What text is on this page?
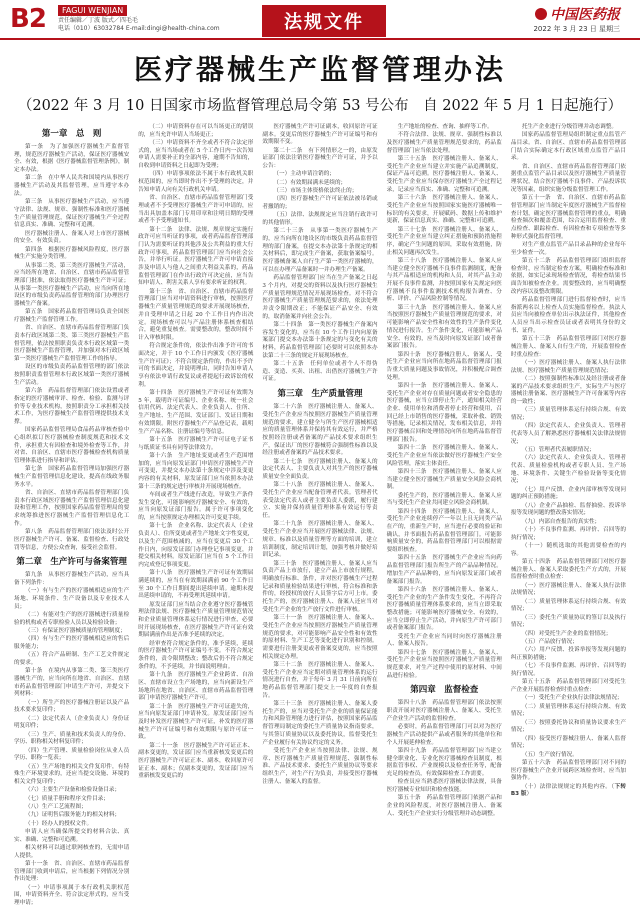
B2	FAGUI WENJIAN
责任编辑／丁波 版式／四毛毛
电话（010）63032784 E-mail:dingi@health-china.com	法规文件	中国医药报
2022 年 3 月 23 日 星期三
医疗器械生产监督管理办法
（2022 年 3 月 10 日国家市场监督管理总局令第 53 号公布　自 2022 年 5 月 1 日起施行）
第一章　总　则

第一条　为了加强医疗器械生产监督管理，规范医疗器械生产活动，保证医疗器械安全、有效，根据《医疗器械监督管理条例》，制定本办法。

第二条　在中华人民共和国境内从事医疗器械生产活动及其监督管理，应当遵守本办法。

第三条　从事医疗器械生产活动，应当遵守法律、法规、规章、强制性标准和医疗器械生产质量管理规范，保证医疗器械生产全过程信息真实、准确、完整和可追溯。

医疗器械注册人、备案人对上市医疗器械的安全、有效负责。

第四条　根据医疗器械风险程度，医疗器械生产实施分类管理。

从事第二类、第三类医疗器械生产活动，应当经所在地省、自治区、直辖市药品监督管理部门批准，依法取得医疗器械生产许可证；从事第一类医疗器械生产活动，应当向所在地设区的市级负责药品监督管理的部门办理医疗器械生产备案。

第五条　国家药品监督管理局负责全国医疗器械生产监督管理工作。

省、自治区、直辖市药品监督管理部门负责本行政区域第二类、第三类医疗器械生产监督管理，依法按照职责负责本行政区域第一类医疗器械生产监督管理，并加强对本行政区域第一类医疗器械生产监督管理工作的指导。

设区的市级负责药品监督管理的部门依法按照职责监督管理本行政区域第一类医疗器械生产活动。

第六条　药品监督管理部门依法设置或者指定的医疗器械审评、检查、检验、监测与评价等专业技术机构，按照职责分工承担相关技术工作，为医疗器械生产监督管理提供技术支撑。

国家药品监督管理局食品药品审核查验中心组织拟订医疗器械检查制度规范和技术文件，承担重大有因检查和境外检查等工作，并对省、自治区、直辖市医疗器械检查机构质量管理体系进行指导和评估。

第七条　国家药品监督管理局加强医疗器械生产监督管理信息化建设，提高在线政务服务水平。

省、自治区、直辖市药品监督管理部门负责本行政区域医疗器械生产监督管理信息化建设和管理工作，按照国家药品监督管理局的要求统筹推进医疗器械生产监督管理信息化工作。

第八条　药品监督管理部门依法及时公开医疗器械生产许可、备案、监督检查、行政处罚等信息，方便公众查询，接受社会监督。

第二章　生产许可与备案管理

第九条　从事医疗器械生产活动，应当具备下列条件：

（一）有与生产的医疗器械相适应的生产场地、环境条件、生产设备以及专业技术人员；

（二）有能对生产的医疗器械进行质量检验的机构或者专职检验人员以及检验设备；

（三）有保证医疗器械质量的管理制度；

（四）有与生产的医疗器械相适应的售后服务能力；

（五）符合产品研制、生产工艺文件规定的要求。

第十条　在境内从事第二类、第三类医疗器械生产的，应当向所在地省、自治区、直辖市药品监督管理部门申请生产许可，并提交下列材料：

（一）所生产的医疗器械注册证以及产品技术要求复印件；

（二）法定代表人（企业负责人）身份证明复印件；

（三）生产、质量和技术负责人的身份、学历、职称相关材料复印件；

（四）生产管理、质量检验岗位从业人员学历、职称一览表；

（五）生产场地的相关文件复印件，有特殊生产环境要求的，还应当提交设施、环境的相关文件复印件；

（六）主要生产设备和检验设备目录；

（七）质量手册和程序文件目录；

（八）生产工艺流程图；

（九）证明售后服务能力的相关材料；

（十）经办人的授权文件。

申请人应当确保所提交的材料合法、真实、准确、完整和可追溯。

相关材料可以通过联网核查的，无需申请人提供。

第十一条　省、自治区、直辖市药品监督管理部门收到申请后，应当根据下列情况分别作出处理：

（一）申请事项属于本行政机关职权范围，申请资料齐全、符合法定形式的，应当受理申请；

（二）申请资料存在可以当场更正的错误的，应当允许申请人当场更正；

（三）申请资料不齐全或者不符合法定形式的，应当当场或者在 5 个工作日内一次告知申请人需要补正的全部内容，逾期不告知的，自收到申请资料之日起即为受理；

（四）申请事项依法不属于本行政机关职权范围的，应当即时作出不予受理的决定，并告知申请人向有关行政机关申请。

省、自治区、直辖市药品监督管理部门受理或者不予受理医疗器械生产许可申请的，应当出具加盖本部门专用印章和注明日期的受理或者不予受理通知书。

第十二条　法律、法规、规章规定实施行政许可应当听证的事项，或者药品监督管理部门认为需要听证的其他涉及公共利益的重大行政许可事项，药品监督管理部门应当向社会公告，并举行听证。医疗器械生产许可申请直接涉及申请人与他人之间重大利益关系的，药品监督管理部门在作出行政许可决定前，应当告知申请人、利害关系人享有要求听证的权利。

第十三条　省、自治区、直辖市药品监督管理部门应当对申请资料进行审核，按照医疗器械生产质量管理规范的要求开展现场核查，并自受理申请之日起 20 个工作日内作出决定。现场核查可以与产品注册体系核查相结合，避免重复核查。需要整改的，整改时间不计入审核时限。

符合规定条件的，依法作出准予许可的书面决定，并于 10 个工作日内颁发《医疗器械生产许可证》；不符合规定条件的，作出不予许可的书面决定，并说明理由，同时告知申请人享有依法申请行政复议或者提起行政诉讼的权利。

第十四条　医疗器械生产许可证有效期为 5 年，载明许可证编号、企业名称、统一社会信用代码、法定代表人、企业负责人、住所、生产地址、生产范围、发证部门、发证日期和有效期限。附医疗器械生产产品登记表，载明生产产品名称、注册证编号等信息。

第十五条　医疗器械生产许可证电子证书与纸质证书具有同等法律效力。

第十六条　生产地址变更或者生产范围增加的，应当向原发证部门申请医疗器械生产许可变更，并提交本办法第十条规定中涉及变更内容的有关材料，原发证部门应当依照本办法第十三条的规定进行审核并开展现场核查。

车间或者生产线进行改造，导致生产条件发生变化，可能影响医疗器械安全、有效的，应当向原发证部门报告。属于许可事项变化的，应当按照规定办理相关许可变更手续。

第十七条　企业名称、法定代表人（企业负责人）、住所变更或者生产地址文字性变更，以及生产范围核减的，应当在变更后 30 个工作日内，向原发证部门办理登记事项变更，并提交相关材料。原发证部门应当在 5 个工作日内完成登记事项变更。

第十八条　医疗器械生产许可证有效期届满延续的，应当在有效期届满前 90 个工作日至 30 个工作日期间提出延续申请。逾期未提出延续申请的，不再受理其延续申请。

原发证部门应当结合企业遵守医疗器械管理法律法规、医疗器械生产质量管理规范情况和企业质量管理体系运行情况进行审查，必要时开展现场核查，在医疗器械生产许可证有效期届满前作出是否准予延续的决定。

经审查符合规定条件的，准予延续，延续的医疗器械生产许可证编号不变。不符合规定条件的，责令限期整改；整改后仍不符合规定条件的，不予延续，并书面说明理由。

第十九条　医疗器械生产企业跨省、自治区、直辖市设立生产场地的，应当向新设生产场地所在地省、自治区、直辖市药品监督管理部门申请医疗器械生产许可。

第二十条　医疗器械生产许可证遗失的，应当向原发证部门申请补发。原发证部门应当及时补发医疗器械生产许可证，补发的医疗器械生产许可证编号和有效期限与原许可证一致。

第二十一条　医疗器械生产许可证正本、副本变更的，发证部门应当重新核发变更后的医疗器械生产许可证正本、副本，收回原许可证正本、副本；仅副本变更的，发证部门应当重新核发变更后的

医疗器械生产许可证副本，收回原许可证副本。变更后的医疗器械生产许可证编号和有效期限不变。

第二十二条　有下列情形之一的，由原发证部门依法注销医疗器械生产许可证，并予以公告：

（一）主动申请注销的；

（二）有效期届满未延续的；

（三）市场主体资格依法终止的；

（四）医疗器械生产许可证依法被吊销或者撤销的；

（五）法律、法规规定应当注销行政许可的其他情形。

第二十三条　从事第一类医疗器械生产的，应当向所在地设区的市级负责药品监督管理的部门备案，在提交本办法第十条规定的相关材料后，即完成生产备案，获取备案编号。医疗器械备案人自行生产第一类医疗器械的，可以在办理产品备案时一并办理生产备案。

药品监督管理部门应当在生产备案之日起 3 个月内，对提交的资料以及执行医疗器械生产质量管理规范情况开展现场检查。对不符合医疗器械生产质量管理规范要求的，依法处理并责令限期改正；不能保证产品安全、有效的，取消备案并向社会公告。

第二十四条　第一类医疗器械生产备案内容发生变化的，应当在 10 个工作日内向原备案部门提交本办法第十条规定的与变化有关的材料，药品监督管理部门必要时可以依照本办法第二十三条的规定开展现场核查。

第二十五条　任何单位或者个人不得伪造、变造、买卖、出租、出借医疗器械生产许可证。

第三章　生产质量管理

第二十六条　医疗器械注册人、备案人、受托生产企业应当按照医疗器械生产质量管理规范的要求，建立健全与所生产医疗器械相适应的质量管理体系并保持其有效运行，并严格按照经注册或者备案的产品技术要求组织生产，保证出厂的医疗器械符合强制性标准以及经注册或者备案的产品技术要求。

第二十七条　医疗器械注册人、备案人的法定代表人、主要负责人对其生产的医疗器械质量安全全面负责。

第二十八条　医疗器械注册人、备案人、受托生产企业应当配备管理者代表。管理者代表受法定代表人或者主要负责人委派，履行建立、实施并保持质量管理体系有效运行等责任。

第二十九条　医疗器械注册人、备案人、受托生产企业应当开展医疗器械法律、法规、规章、标准以及质量管理等方面的培训，建立培训制度，制定培训计划，加强考核并做好培训记录。

第三十条　医疗器械注册人、备案人应当负责产品上市放行，建立产品上市放行规程，明确放行标准、条件，并对医疗器械生产过程记录和质量检验结果进行审核，符合标准和条件的，经授权的放行人员签字后方可上市。委托生产的，医疗器械注册人、备案人还应当对受托生产企业的生产放行文件进行审核。

第三十一条　医疗器械注册人、备案人、受托生产企业应当按照医疗器械生产质量管理规范的要求，对可能影响产品安全性和有效性的原材料、生产工艺等变化进行识别和控制。需要进行注册变更或者备案变更的，应当按照相关规定办理。

第三十二条　医疗器械注册人、备案人、受托生产企业应当定期对质量管理体系的运行情况进行自查，并于每年 3 月 31 日前向所在地药品监督管理部门提交上一年度的自查报告。

第三十三条　医疗器械注册人、备案人委托生产的，应当对受托生产企业的质量保证能力和风险管理能力进行评估，按照国家药品监督管理局制定的委托生产质量协议指南要求，与其签订质量协议以及委托协议，监督受托生产企业履行有关协议约定的义务。

受托生产企业应当按照法律、法规、规章、医疗器械生产质量管理规范、强制性标准、产品技术要求、委托生产质量协议等要求组织生产，对生产行为负责，并接受医疗器械注册人、备案人的监督。

生产地址的检查、查询、抽样等工作。

不符合法律、法规、规章、强制性标准以及医疗器械生产质量管理规范要求的，药品监督管理部门应当依法处理。

第三十五条　医疗器械注册人、备案人、受托生产企业应当建立并实施产品追溯制度，保证产品可追溯。医疗器械注册人、备案人、受托生产企业应当保存医疗器械生产全过程记录，记录应当真实、准确、完整和可追溯。

第三十六条　医疗器械注册人、备案人、受托生产企业应当按照国家实施医疗器械唯一标识的有关要求，开展赋码、数据上传和维护更新，保证信息真实、准确、完整和可追溯。

第三十七条　医疗器械注册人、备案人、受托生产企业应当建立纠正措施和预防措施程序，确定产生问题的原因，采取有效措施，防止相关问题再次发生。

第三十八条　医疗器械注册人、备案人应当建立健全医疗器械不良事件监测制度，配备与其产品相适应的机构和人员，对其产品主动开展不良事件监测，并按照国家有关规定向医疗器械不良事件监测技术机构报告调查、分析、评价、产品风险控制等情况。

第三十九条　医疗器械注册人、备案人应当按照医疗器械生产质量管理规范的要求，对可能影响产品安全性和有效性的生产条件变化情况进行报告。生产条件变化，可能影响产品安全、有效的，应当及时向原发证部门或者备案部门报告。

第四十条　医疗器械注册人、备案人、受托生产企业应当向所在地药品监督管理部门报告重大质量问题及事故情况，并积极配合调查处理。

第四十一条　医疗器械注册人、备案人、受托生产企业对存在质量问题或者安全隐患的医疗器械，应当立即停止生产，通知相关经营企业、使用单位和消费者停止经营和使用，召回已经上市销售的医疗器械，采取补救、销毁等措施，记录相关情况，发布相关信息，并将医疗器械召回和处理情况向所在地药品监督管理部门报告。

第四十二条　医疗器械注册人、备案人、受托生产企业应当依法做好医疗器械生产安全风险管理，落实主体责任。

第四十三条　医疗器械注册人、备案人应当建立健全医疗器械生产质量安全风险会商机制。

委托生产的，医疗器械注册人、备案人应当与受托生产企业共同建立风险会商机制。

第四十四条　医疗器械注册人、备案人、受托生产企业连续停产一年以上且无同类产品在产的，重新生产时，应当进行必要的验证和确认，并书面报告药品监督管理部门。可能影响质量安全的，药品监督管理部门可以根据需要组织核查。

第四十五条　医疗器械生产企业应当向药品监督管理部门报告所生产的产品品种情况。增加生产产品品种的，应当向原发证部门或者备案部门报告。

第四十六条　医疗器械注册人、备案人、受托生产企业的生产条件发生变化，不再符合医疗器械质量管理体系要求的，应当立即采取整改措施；可能影响医疗器械安全、有效的，应当立即停止生产活动，并向原生产许可部门或者备案部门报告。

受托生产企业应当同时向医疗器械注册人、备案人报告。

第四十七条　医疗器械注册人、备案人、受托生产企业应当按照医疗器械生产质量管理规范要求，对生产过程中使用的原材料、中间品进行检验。

第四章　监督检查

第四十八条　药品监督管理部门依法按照职责开展对医疗器械注册人、备案人、受托生产企业生产活动的监督检查。

必要时，药品监督管理部门可以对为医疗器械生产活动提供产品或者服务的其他单位和个人开展延伸检查。

第四十九条　药品监督管理部门应当建立健全职业化、专业化医疗器械检查员制度，根据监管事权、产业规模以及检查任务等，配备充足的检查员，有效保障检查工作需要。

检查员应当熟悉医疗器械法律法规，具备医疗器械专业知识和检查技能。

第五十条　药品监督管理部门依据产品和企业的风险程度，对医疗器械注册人、备案人、受托生产企业实行分级管理并动态调整。

托生产企业进行分级管理并动态调整。

国家药品监督管理局组织制定重点监管产品目录。省、自治区、直辖市药品监督管理部门结合实际确定本行政区域重点监管产品目录。

省、自治区、直辖市药品监督管理部门依据重点监管产品目录以及医疗器械生产质量管理状况，结合医疗器械不良事件、产品投诉状况等因素，组织实施分级监督管理工作。

第五十一条　省、自治区、直辖市药品监督管理部门应当制定年度医疗器械生产监督检查计划，确定医疗器械监督管理的重点，明确检查频次和覆盖范围，综合运用监督检查、重点检查、跟踪检查、有因检查和专项检查等多种形式强化监督管理。

对生产重点监管产品目录品种的企业每年至少检查一次。

第五十二条　药品监督管理部门组织监督检查时，应当制定检查方案，明确检查标准和依据，如实记录现场检查情况，将检查结果书面告知被检查企业。需要整改的，应当明确整改内容以及整改期限。

药品监督管理部门进行监督检查时，应当指派两名以上检查人员实施监督检查。执法人员应当向被检查单位出示执法证件，其他检查人员应当出示检查员证或者表明其身份的文书、证件。

第五十三条　药品监督管理部门对医疗器械注册人、备案人自行生产的，开展监督检查时重点检查：

（一）医疗器械注册人、备案人执行法律法规、医疗器械生产质量管理规范情况；

（二）按照强制性标准以及经注册或者备案的产品技术要求组织生产，实际生产与医疗器械注册备案、医疗器械生产许可备案等内容的一致性；

（三）质量管理体系运行持续合规、有效情况；

（四）法定代表人、企业负责人、管理者代表等人员了解熟悉医疗器械相关法律法规情况；

（五）管理者代表履职情况；

（六）法定代表人、企业负责人、管理者代表、质量检验机构或者专职人员、生产场地、环境条件、关键生产检验设备等变化情况；

（七）用户反馈、企业内部审核等发现问题的纠正预防措施；

（八）企业产品抽检、监督抽验、投诉举报等发现问题的整改落实情况；

（九）内部自查报告的真实性；

（十）不良事件监测、再评价、召回等的执行情况；

（十一）随机选取的其他需要检查的内容。

第五十四条　药品监督管理部门对医疗器械注册人、备案人采取委托生产方式的，开展监督检查时重点检查：

（一）医疗器械注册人、备案人执行法律法规情况；

（二）质量管理体系运行持续合规、有效情况；

（三）委托生产质量协议的签订以及执行情况；

（四）对受托生产企业的监督情况；

（五）产品放行情况；

（六）用户反馈、投诉举报等发现问题的纠正预防措施；

（七）不良事件监测、再评价、召回等的执行情况。

第五十五条　药品监督管理部门对受托生产企业开展监督检查时重点检查：

（一）受托生产企业执行法律法规情况；

（二）质量管理体系运行持续合规、有效情况；

（三）按照委托协议和质量协议要求生产情况；

（四）接受医疗器械注册人、备案人监督情况；

（五）生产放行情况。

第五十六条　药品监督管理部门对不同的医疗器械生产企业开展跨区域检查时，应当加强协作。

（十）法律法规规定的其他内容。（下转 B3 版）
